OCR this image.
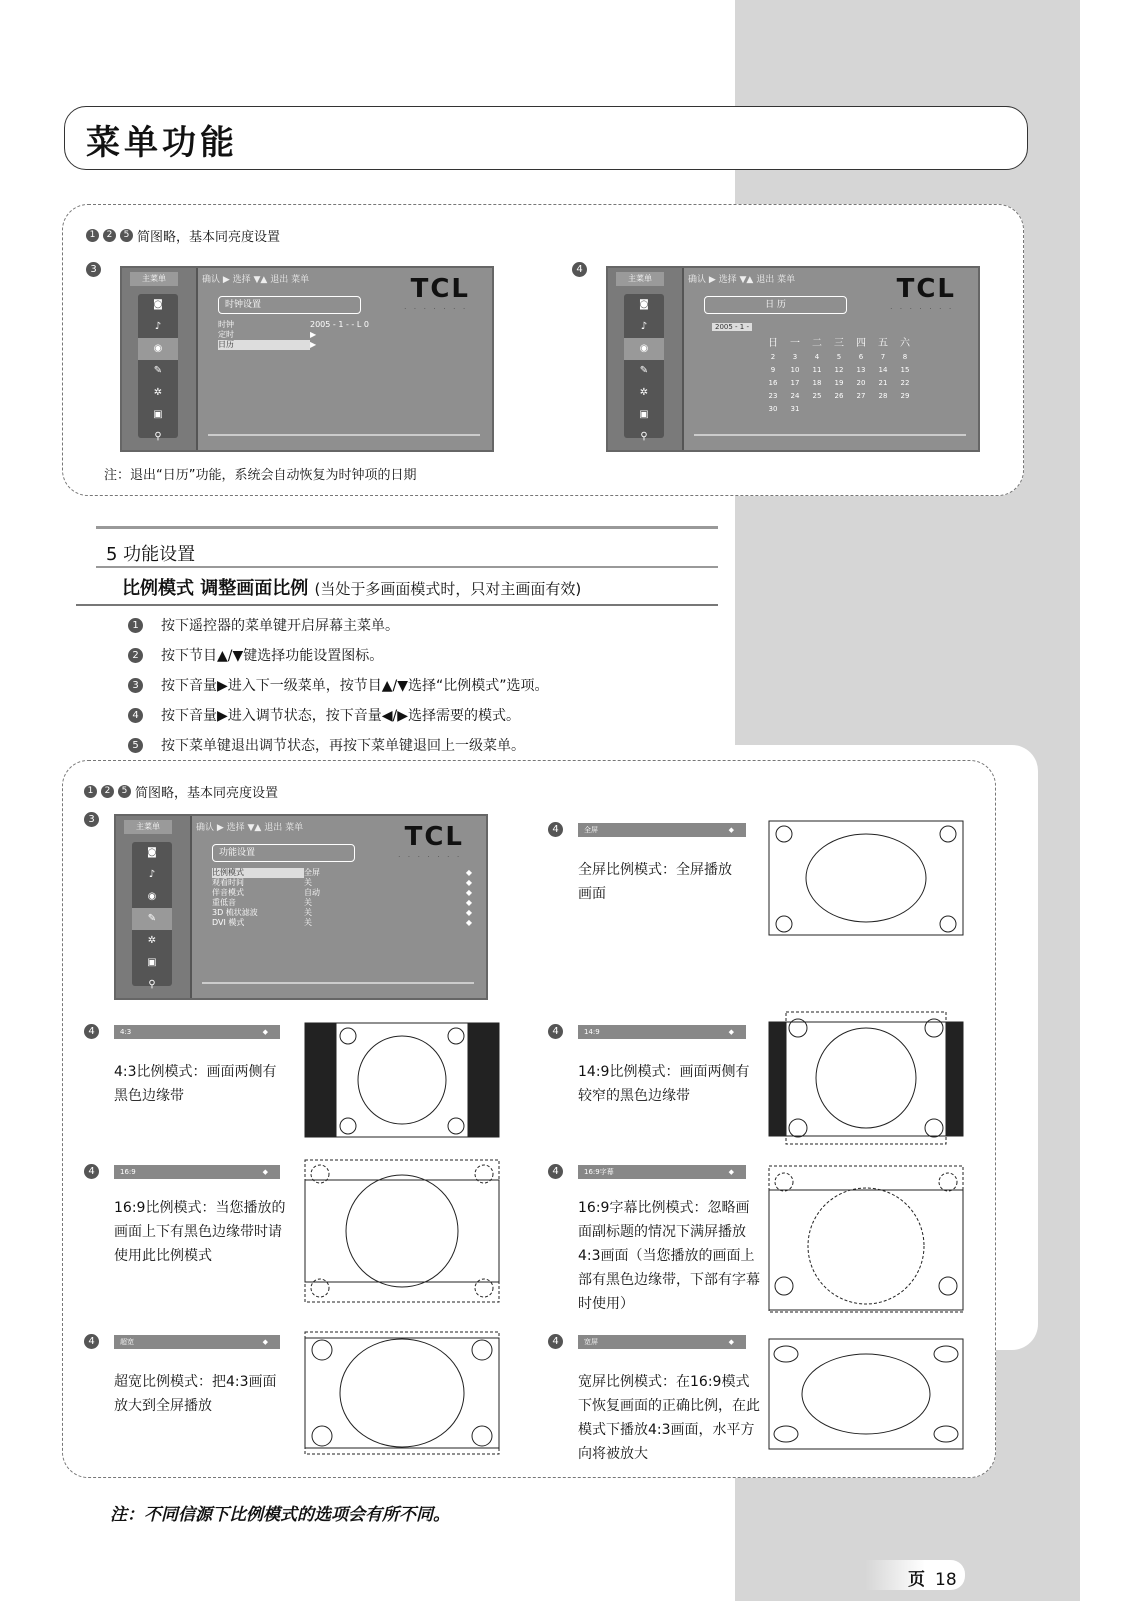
菜单功能
1	2	5 简图略，基本同亮度设置
3
主菜单
◙
♪
◉
✎
✲
▣
⚲
确认 ▶ 选择 ▼▲ 退出 菜单	TCL
· · · · · · ·
时钟设置
时钟	2005 - 1 - - L 0
定时	▶
日历	▶
4
主菜单
◙
♪
◉
✎
✲
▣
⚲
确认 ▶ 选择 ▼▲ 退出 菜单	TCL
· · · · · · ·
日 历
2005 - 1 -
日	一	二	三	四	五	六
2	3	4	5	6	7	8
9	10	11	12	13	14	15
16	17	18	19	20	21	22
23	24	25	26	27	28	29
30	31					
注：退出“日历”功能，系统会自动恢复为时钟项的日期
5 功能设置
比例模式 调整画面比例 (当处于多画面模式时，只对主画面有效)
1	按下遥控器的菜单键开启屏幕主菜单。
2	按下节目▲/▼键选择功能设置图标。
3	按下音量▶进入下一级菜单，按节目▲/▼选择“比例模式”选项。
4	按下音量▶进入调节状态，按下音量◀/▶选择需要的模式。
5	按下菜单键退出调节状态，再按下菜单键退回上一级菜单。
1	2	5 简图略，基本同亮度设置
3
主菜单
◙
♪
◉
✎
✲
▣
⚲
确认 ▶ 选择 ▼▲ 退出 菜单	TCL
· · · · · · ·
功能设置
比例模式	全屏	◆
观看时间	关	◆
伴音模式	自动	◆
重低音	关	◆
3D 梳状滤波	关	◆
DVI 模式	关	◆
4	全屏	◆
全屏比例模式：全屏播放画面
4	4:3	◆
4:3比例模式：画面两侧有黑色边缘带
4	14:9	◆
14:9比例模式：画面两侧有较窄的黑色边缘带
4	16:9	◆
16:9比例模式：当您播放的画面上下有黑色边缘带时请使用此比例模式
4	16:9字幕	◆
16:9字幕比例模式：忽略画面副标题的情况下满屏播放4:3画面（当您播放的画面上部有黑色边缘带，下部有字幕时使用）
4	超宽	◆
超宽比例模式：把4:3画面放大到全屏播放
4	宽屏	◆
宽屏比例模式：在16:9模式下恢复画面的正确比例，在此模式下播放4:3画面，水平方向将被放大
注：不同信源下比例模式的选项会有所不同。
页 18
